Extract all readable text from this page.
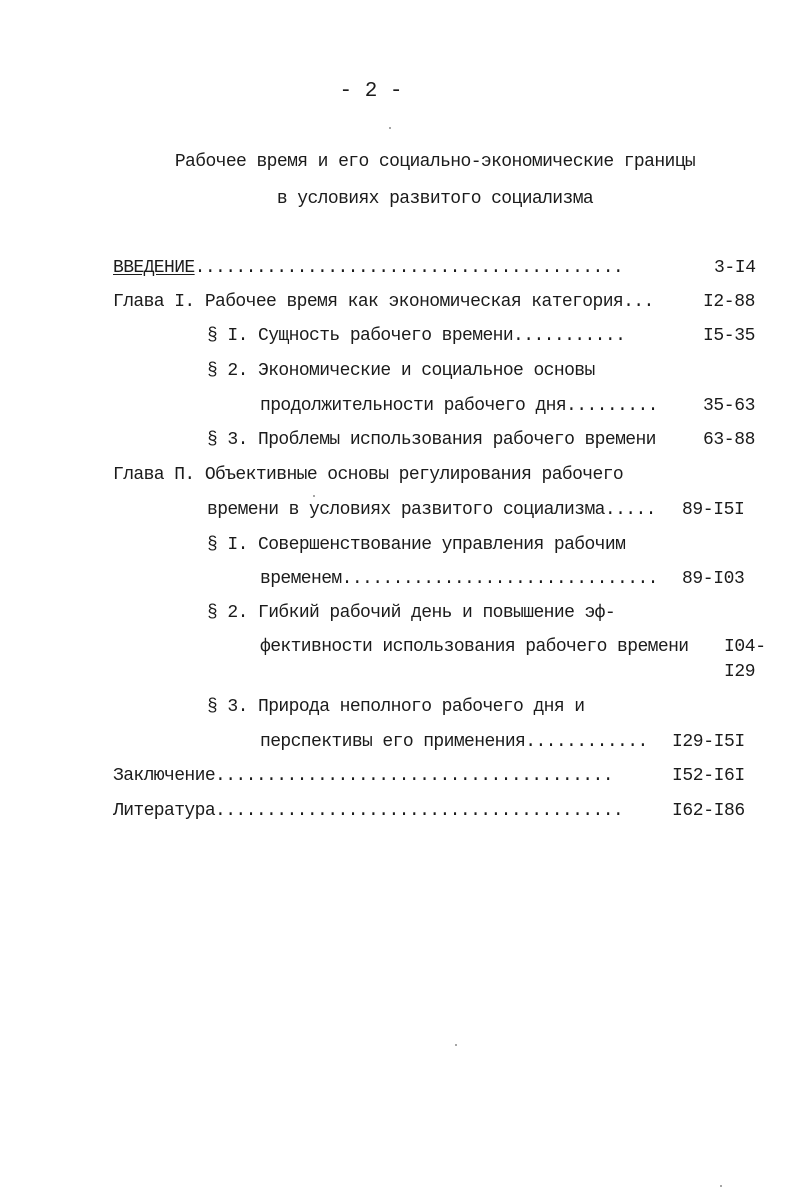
- 2 -
Рабочее время и его социально-экономические границы
в условиях развитого социализма
ВВЕДЕНИЕ..........................................	3-I4
Глава I. Рабочее время как экономическая категория...	I2-88
§ I. Сущность рабочего времени...........	I5-35
§ 2. Экономические и социальноe основы
продолжительности рабочего дня.........	35-63
§ 3. Проблемы использования рабочего времени	63-88
Глава П. Объективные основы регулирования рабочего
времени в условиях развитого социализма..... 89-I5I
§ I. Совершенствование управления рабочим
временем............................... 89-I03
§ 2. Гибкий рабочий день и повышение эф-
фективности использования рабочего времени I04-
I29
§ 3. Природа неполного рабочего дня и
перспективы его применения............ I29-I5I
Заключение.......................................	I52-I6I
Литература........................................	I62-I86
